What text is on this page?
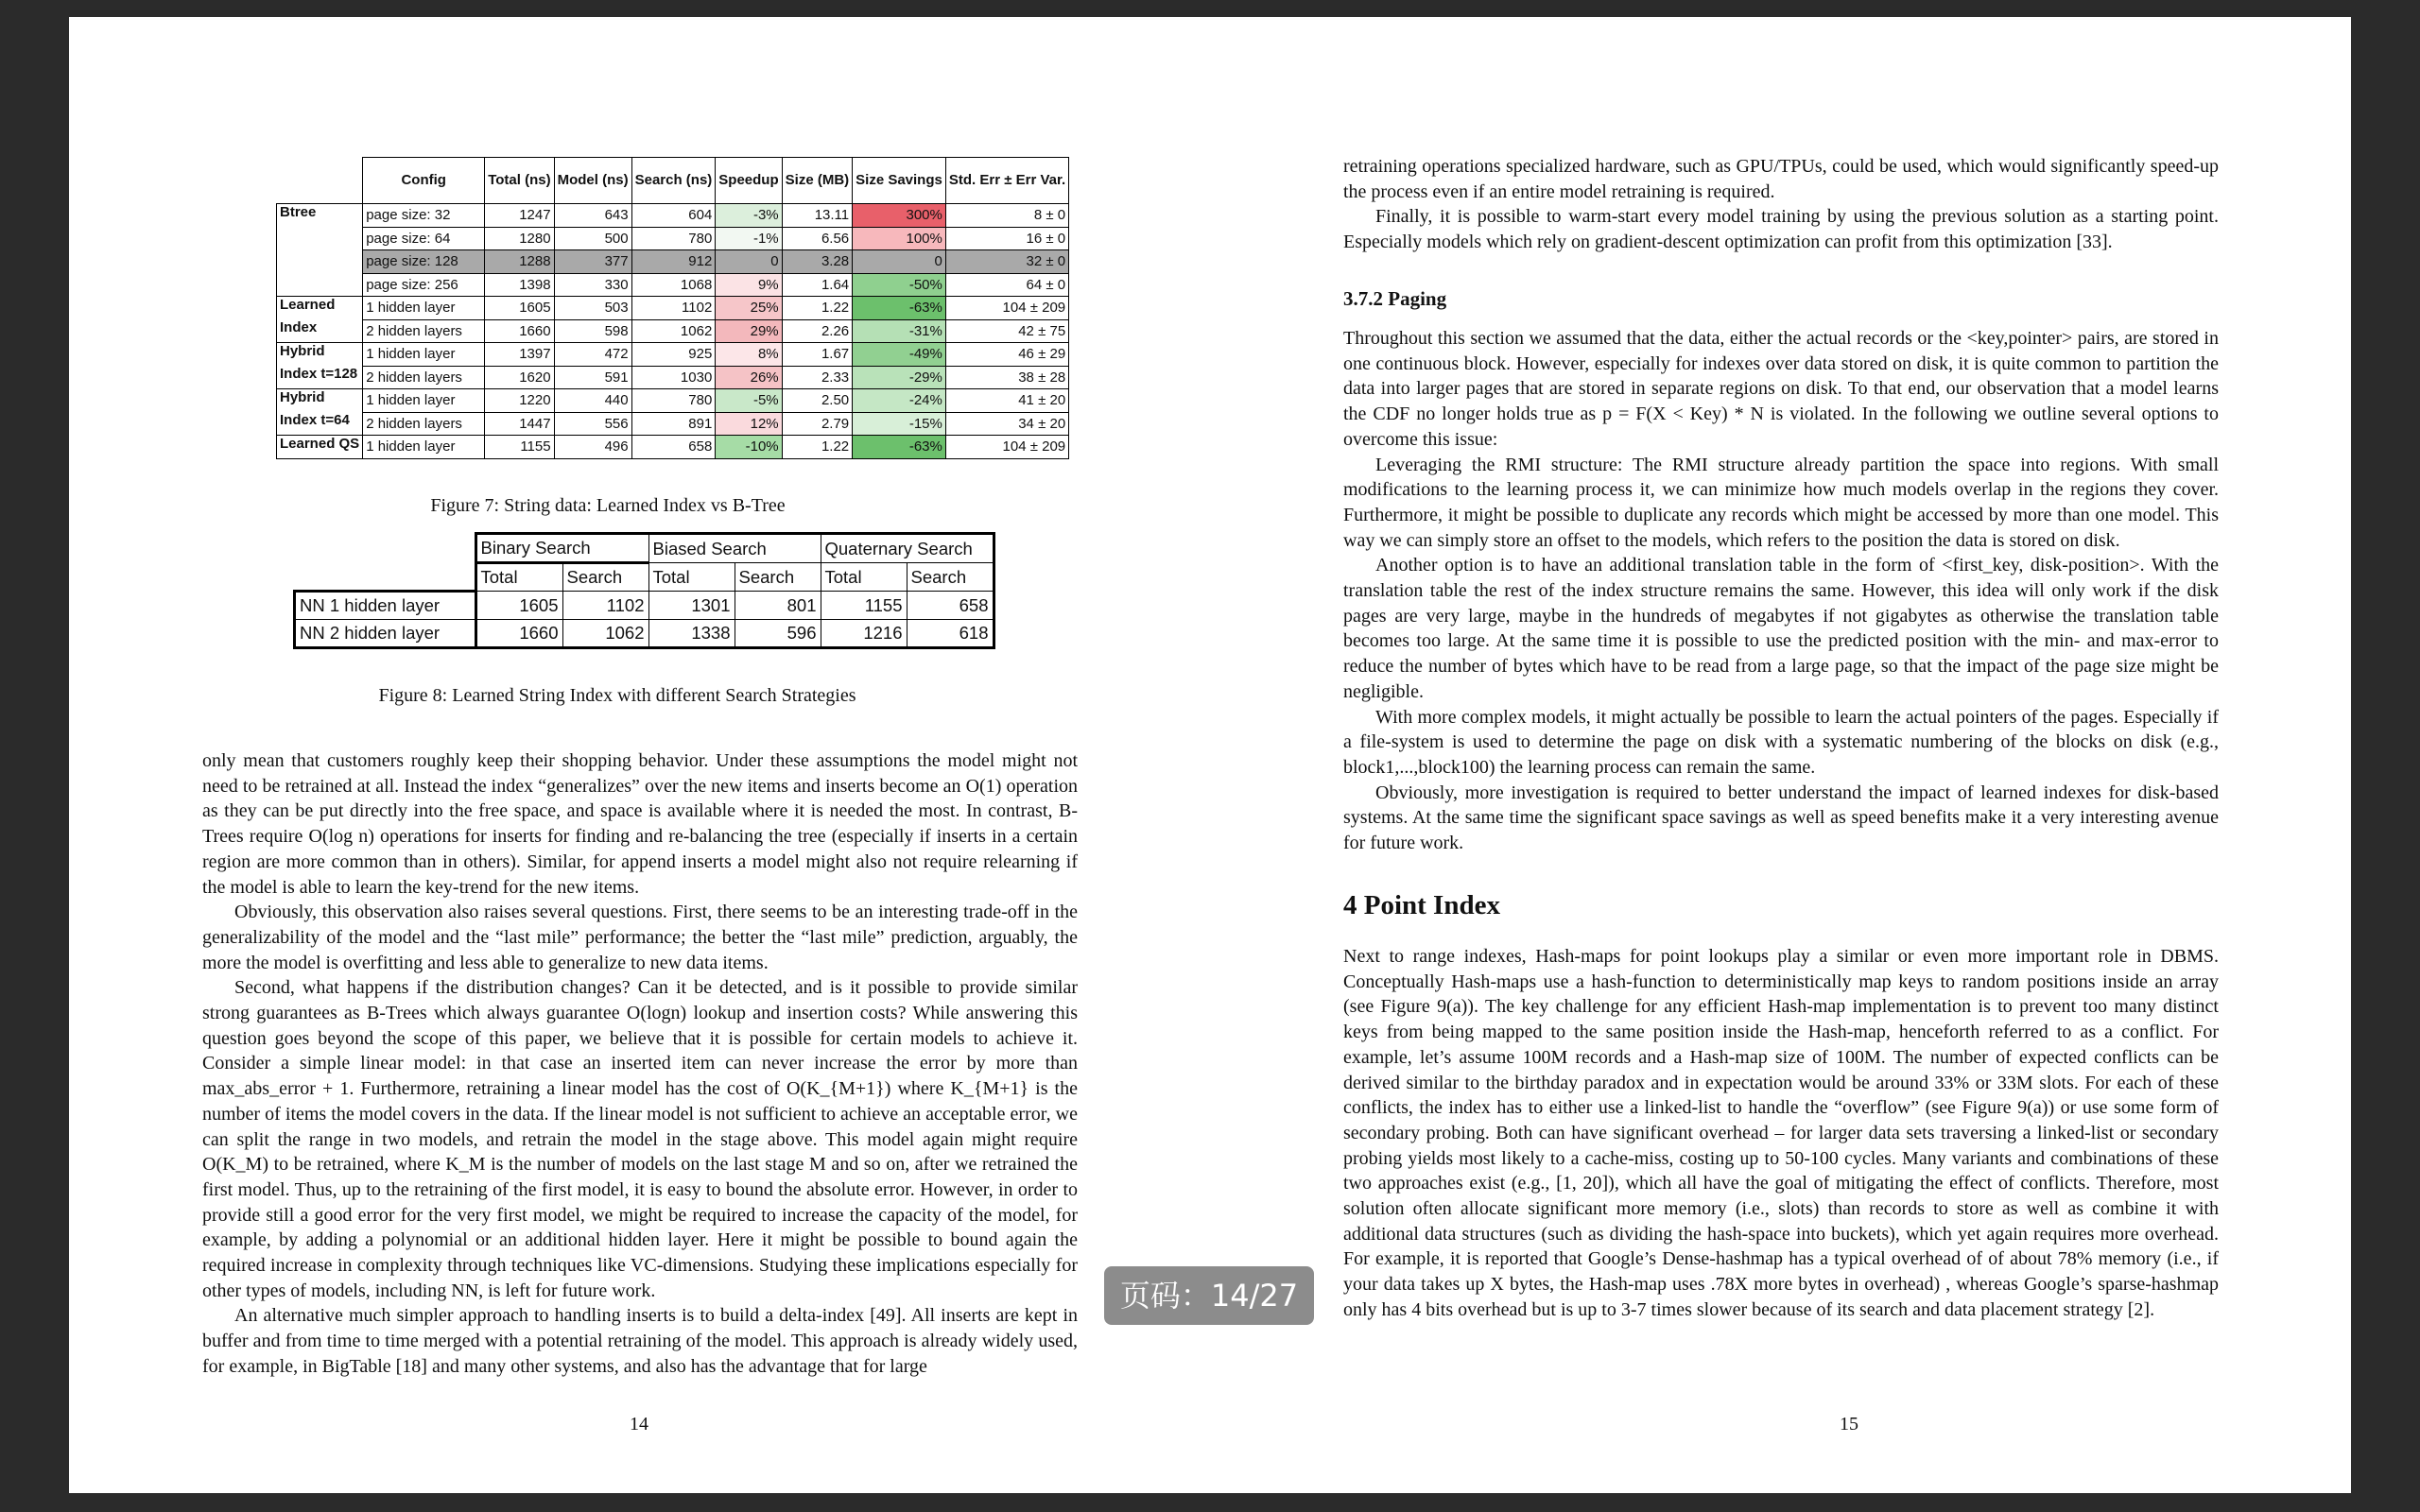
	Config	Total (ns)	Model (ns)	Search (ns)	Speedup	Size (MB)	Size Savings	Std. Err ± Err Var.
Btree	page size: 32	1247	643	604	-3%	13.11	300%	8 ± 0
	page size: 64	1280	500	780	-1%	6.56	100%	16 ± 0
	page size: 128	1288	377	912	0	3.28	0	32 ± 0
	page size: 256	1398	330	1068	9%	1.64	-50%	64 ± 0
Learned	1 hidden layer	1605	503	1102	25%	1.22	-63%	104 ± 209
Index	2 hidden layers	1660	598	1062	29%	2.26	-31%	42 ± 75
Hybrid	1 hidden layer	1397	472	925	8%	1.67	-49%	46 ± 29
Index t=128	2 hidden layers	1620	591	1030	26%	2.33	-29%	38 ± 28
Hybrid	1 hidden layer	1220	440	780	-5%	2.50	-24%	41 ± 20
Index t=64	2 hidden layers	1447	556	891	12%	2.79	-15%	34 ± 20
Learned QS	1 hidden layer	1155	496	658	-10%	1.22	-63%	104 ± 209
Figure 7: String data: Learned Index vs B-Tree
	Binary Search		Biased Search		Quaternary Search	
	Total	Search	Total	Search	Total	Search
NN 1 hidden layer	1605	1102	1301	801	1155	658
NN 2 hidden layer	1660	1062	1338	596	1216	618
Figure 8: Learned String Index with different Search Strategies

only mean that customers roughly keep their shopping behavior. Under these assumptions the model might not need to be retrained at all. Instead the index “generalizes” over the new items and inserts become an O(1) operation as they can be put directly into the free space, and space is available where it is needed the most. In contrast, B-Trees require O(log n) operations for inserts for finding and re-balancing the tree (especially if inserts in a certain region are more common than in others). Similar, for append inserts a model might also not require relearning if the model is able to learn the key-trend for the new items.

Obviously, this observation also raises several questions. First, there seems to be an interesting trade-off in the generalizability of the model and the “last mile” performance; the better the “last mile” prediction, arguably, the more the model is overfitting and less able to generalize to new data items.

Second, what happens if the distribution changes? Can it be detected, and is it possible to provide similar strong guarantees as B-Trees which always guarantee O(logn) lookup and insertion costs? While answering this question goes beyond the scope of this paper, we believe that it is possible for certain models to achieve it. Consider a simple linear model: in that case an inserted item can never increase the error by more than max_abs_error + 1. Furthermore, retraining a linear model has the cost of O(K_{M+1}) where K_{M+1} is the number of items the model covers in the data. If the linear model is not sufficient to achieve an acceptable error, we can split the range in two models, and retrain the model in the stage above. This model again might require O(K_M) to be retrained, where K_M is the number of models on the last stage M and so on, after we retrained the first model. Thus, up to the retraining of the first model, it is easy to bound the absolute error. However, in order to provide still a good error for the very first model, we might be required to increase the capacity of the model, for example, by adding a polynomial or an additional hidden layer. Here it might be possible to bound again the required increase in complexity through techniques like VC-dimensions. Studying these implications especially for other types of models, including NN, is left for future work.

An alternative much simpler approach to handling inserts is to build a delta-index [49]. All inserts are kept in buffer and from time to time merged with a potential retraining of the model. This approach is already widely used, for example, in BigTable [18] and many other systems, and also has the advantage that for large

14

retraining operations specialized hardware, such as GPU/TPUs, could be used, which would significantly speed-up the process even if an entire model retraining is required.

Finally, it is possible to warm-start every model training by using the previous solution as a starting point. Especially models which rely on gradient-descent optimization can profit from this optimization [33].

3.7.2 Paging

Throughout this section we assumed that the data, either the actual records or the <key,pointer> pairs, are stored in one continuous block. However, especially for indexes over data stored on disk, it is quite common to partition the data into larger pages that are stored in separate regions on disk. To that end, our observation that a model learns the CDF no longer holds true as p = F(X < Key) * N is violated. In the following we outline several options to overcome this issue:

Leveraging the RMI structure: The RMI structure already partition the space into regions. With small modifications to the learning process it, we can minimize how much models overlap in the regions they cover. Furthermore, it might be possible to duplicate any records which might be accessed by more than one model. This way we can simply store an offset to the models, which refers to the position the data is stored on disk.

Another option is to have an additional translation table in the form of <first_key, disk-position>. With the translation table the rest of the index structure remains the same. However, this idea will only work if the disk pages are very large, maybe in the hundreds of megabytes if not gigabytes as otherwise the translation table becomes too large. At the same time it is possible to use the predicted position with the min- and max-error to reduce the number of bytes which have to be read from a large page, so that the impact of the page size might be negligible.

With more complex models, it might actually be possible to learn the actual pointers of the pages. Especially if a file-system is used to determine the page on disk with a systematic numbering of the blocks on disk (e.g., block1,...,block100) the learning process can remain the same.

Obviously, more investigation is required to better understand the impact of learned indexes for disk-based systems. At the same time the significant space savings as well as speed benefits make it a very interesting avenue for future work.

4 Point Index

Next to range indexes, Hash-maps for point lookups play a similar or even more important role in DBMS. Conceptually Hash-maps use a hash-function to deterministically map keys to random positions inside an array (see Figure 9(a)). The key challenge for any efficient Hash-map implementation is to prevent too many distinct keys from being mapped to the same position inside the Hash-map, henceforth referred to as a conflict. For example, let’s assume 100M records and a Hash-map size of 100M. The number of expected conflicts can be derived similar to the birthday paradox and in expectation would be around 33% or 33M slots. For each of these conflicts, the index has to either use a linked-list to handle the “overflow” (see Figure 9(a)) or use some form of secondary probing. Both can have significant overhead – for larger data sets traversing a linked-list or secondary probing yields most likely to a cache-miss, costing up to 50-100 cycles. Many variants and combinations of these two approaches exist (e.g., [1, 20]), which all have the goal of mitigating the effect of conflicts. Therefore, most solution often allocate significant more memory (i.e., slots) than records to store as well as combine it with additional data structures (such as dividing the hash-space into buckets), which yet again requires more overhead. For example, it is reported that Google’s Dense-hashmap has a typical overhead of of about 78% memory (i.e., if your data takes up X bytes, the Hash-map uses .78X more bytes in overhead) , whereas Google’s sparse-hashmap only has 4 bits overhead but is up to 3-7 times slower because of its search and data placement strategy [2].

15
页码：14/27
